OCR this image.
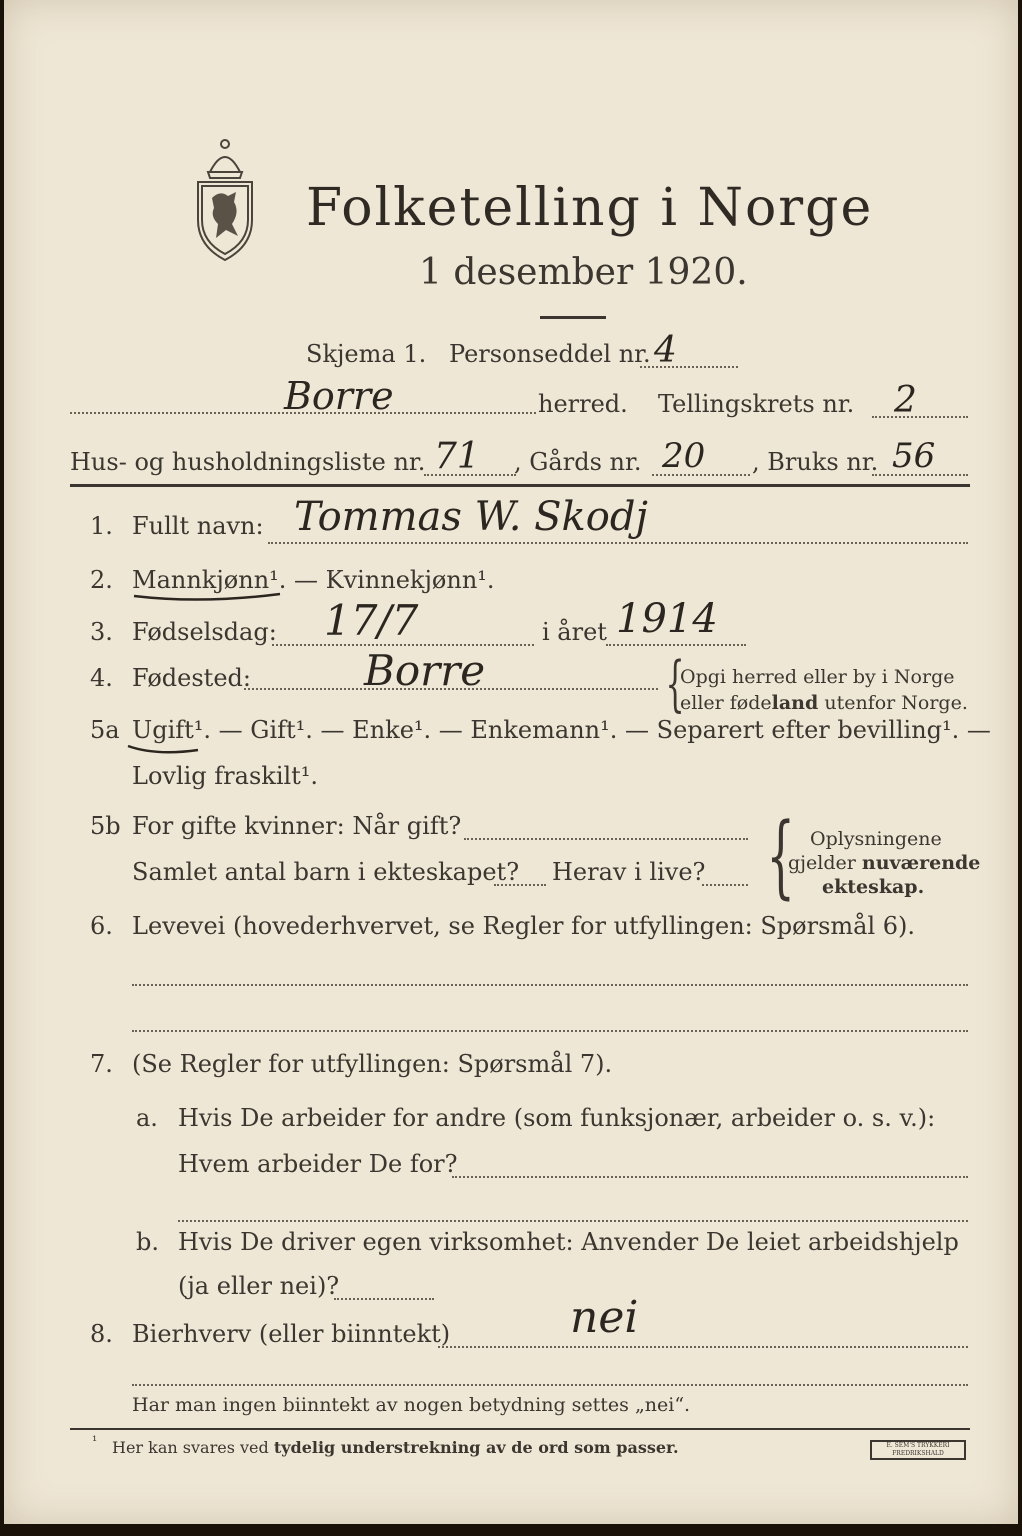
Folketelling i Norge
1 desember 1920.
Skjema 1. Personseddel nr. 4
Borre	herred. Tellingskrets nr. 2
Hus- og husholdningsliste nr. 71 , Gårds nr. 20 , Bruks nr. 56
1. Fullt navn: Tommas W. Skodj
2. Mannkjønn¹. — Kvinnekjønn¹.
3. Fødselsdag: 17/7	i året 1914
4. Fødested:	Borre	{
Opgi herred eller by i Norge
eller fødeland utenfor Norge.
5a Ugift¹. — Gift¹. — Enke¹. — Enkemann¹. — Separert efter bevilling¹. —
Lovlig fraskilt¹.
5b For gifte kvinner: Når gift?
Samlet antal barn i ekteskapet? Herav i live? { Oplysningene
gjelder nuværende
ekteskap.
6. Levevei (hovederhvervet, se Regler for utfyllingen: Spørsmål 6).
7. (Se Regler for utfyllingen: Spørsmål 7).
a. Hvis De arbeider for andre (som funksjonær, arbeider o. s. v.):
Hvem arbeider De for?
b. Hvis De driver egen virksomhet: Anvender De leiet arbeidshjelp
(ja eller nei)?
8. Bierhverv (eller biinntekt)	nei
Har man ingen biinntekt av nogen betydning settes „nei“.
¹ Her kan svares ved tydelig understrekning av de ord som passer.	E. SEM'S TRYKKERI FREDRIKSHALD
